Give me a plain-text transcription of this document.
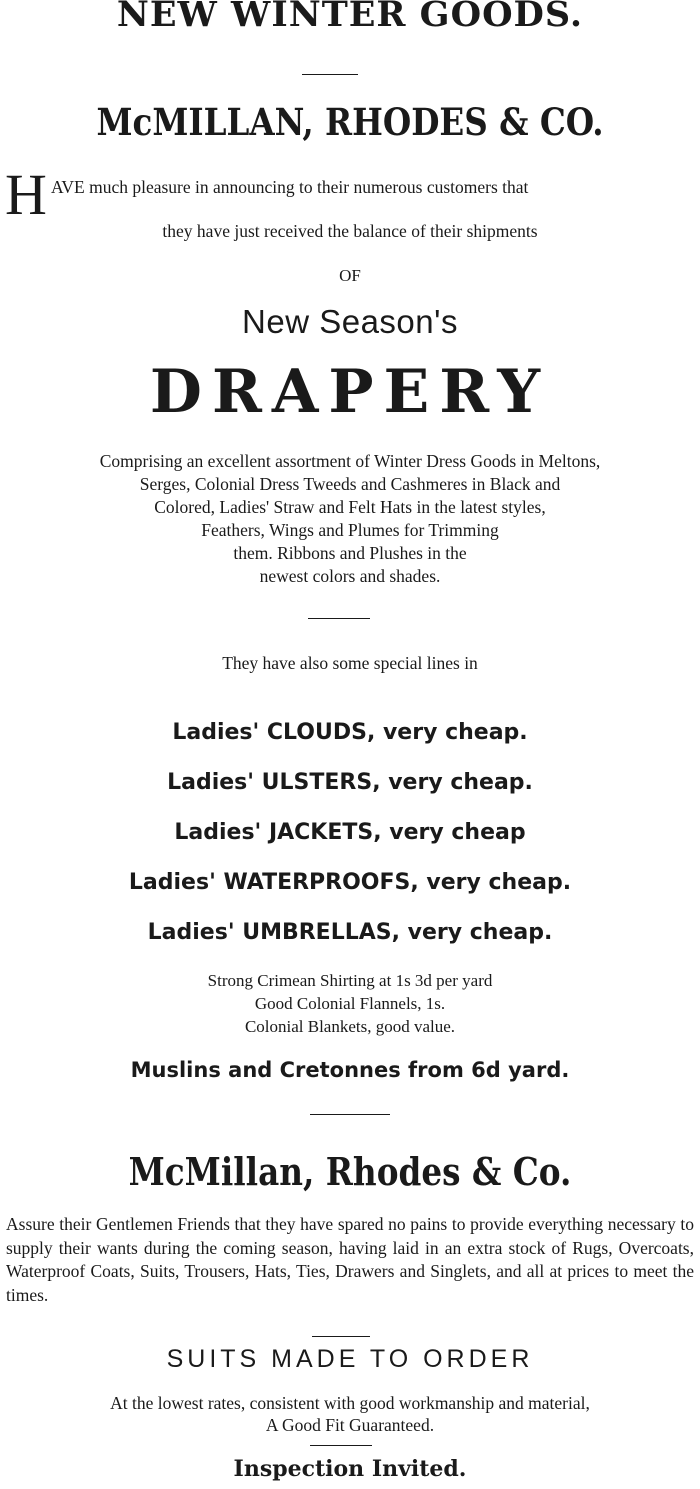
NEW WINTER GOODS.
McMILLAN, RHODES & CO.
H AVE much pleasure in announcing to their numerous customers that
they have just received the balance of their shipments
OF
New Season's
DRAPERY
Comprising an excellent assortment of Winter Dress Goods in Meltons,
Serges, Colonial Dress Tweeds and Cashmeres in Black and
Colored, Ladies' Straw and Felt Hats in the latest styles,
Feathers, Wings and Plumes for Trimming
them. Ribbons and Plushes in the
newest colors and shades.
They have also some special lines in
Ladies' CLOUDS, very cheap.
Ladies' ULSTERS, very cheap.
Ladies' JACKETS, very cheap
Ladies' WATERPROOFS, very cheap.
Ladies' UMBRELLAS, very cheap.
Strong Crimean Shirting at 1s 3d per yard
Good Colonial Flannels, 1s.
Colonial Blankets, good value.
Muslins and Cretonnes from 6d yard.
McMillan, Rhodes & Co.
Assure their Gentlemen Friends that they have spared no pains to provide everything necessary to supply their wants during the coming season, having laid in an extra stock of Rugs, Overcoats, Waterproof Coats, Suits, Trousers, Hats, Ties, Drawers and Singlets, and all at prices to meet the times.
SUITS MADE TO ORDER
At the lowest rates, consistent with good workmanship and material,
A Good Fit Guaranteed.
Inspection Invited.
